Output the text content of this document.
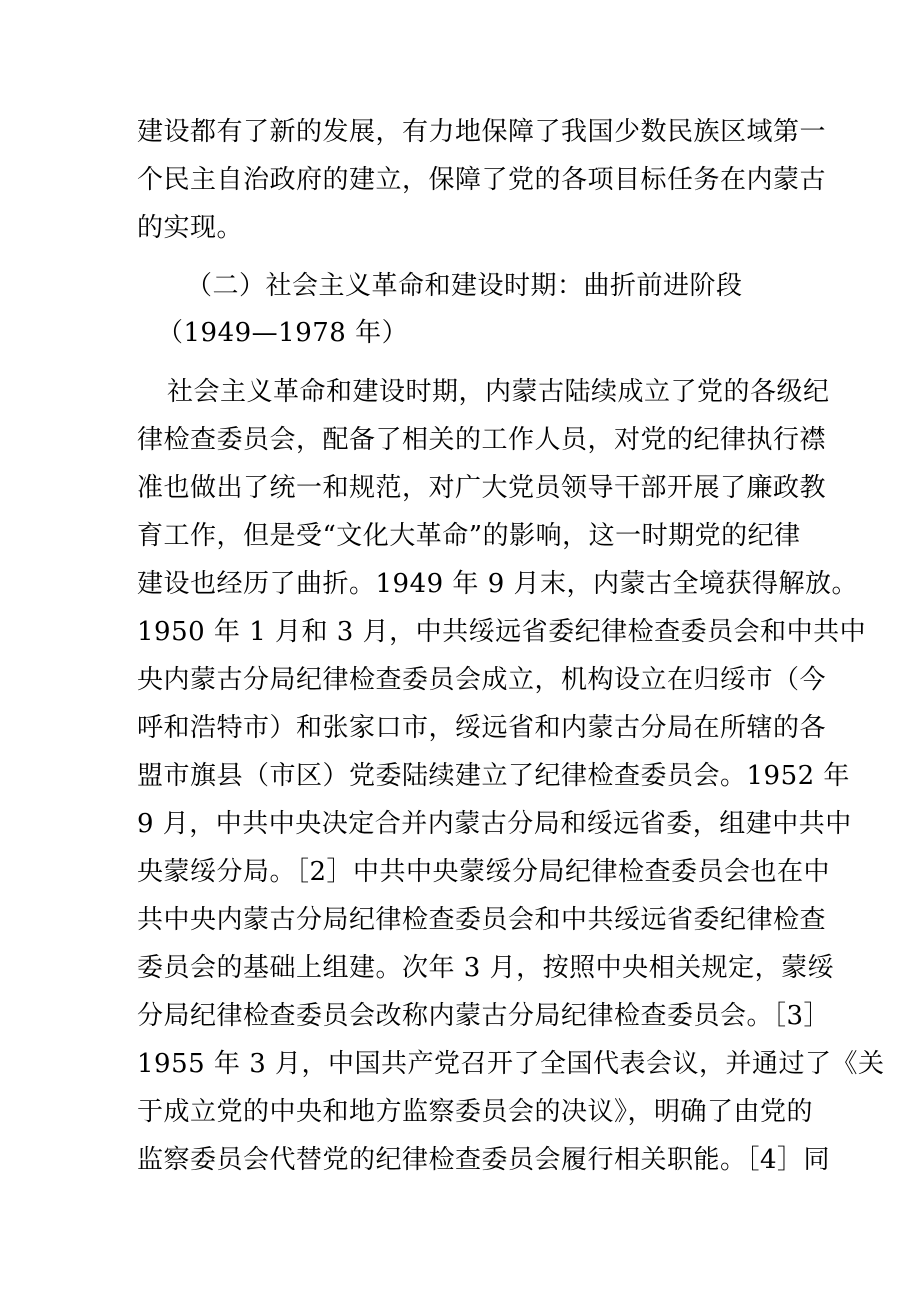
建设都有了新的发展，有力地保障了我国少数民族区域第一
个民主自治政府的建立，保障了党的各项目标任务在内蒙古
的实现。
（二）社会主义革命和建设时期：曲折前进阶段
（1949—1978 年）
社会主义革命和建设时期，内蒙古陆续成立了党的各级纪
律检查委员会，配备了相关的工作人员，对党的纪律执行襟
准也做出了统一和规范，对广大党员领导干部开展了廉政教
育工作，但是受“文化大革命”的影响，这一时期党的纪律
建设也经历了曲折。1949 年 9 月末，内蒙古全境获得解放。
1950 年 1 月和 3 月，中共绥远省委纪律检查委员会和中共中
央内蒙古分局纪律检查委员会成立，机构设立在归绥市（今
呼和浩特市）和张家口市，绥远省和内蒙古分局在所辖的各
盟市旗县（市区）党委陆续建立了纪律检查委员会。1952 年
9 月，中共中央决定合并内蒙古分局和绥远省委，组建中共中
央蒙绥分局。［2］中共中央蒙绥分局纪律检查委员会也在中
共中央内蒙古分局纪律检查委员会和中共绥远省委纪律检查
委员会的基础上组建。次年 3 月，按照中央相关规定，蒙绥
分局纪律检查委员会改称内蒙古分局纪律检查委员会。［3］
1955 年 3 月，中国共产党召开了全国代表会议，并通过了《关
于成立党的中央和地方监察委员会的决议》，明确了由党的
监察委员会代替党的纪律检查委员会履行相关职能。［4］同
